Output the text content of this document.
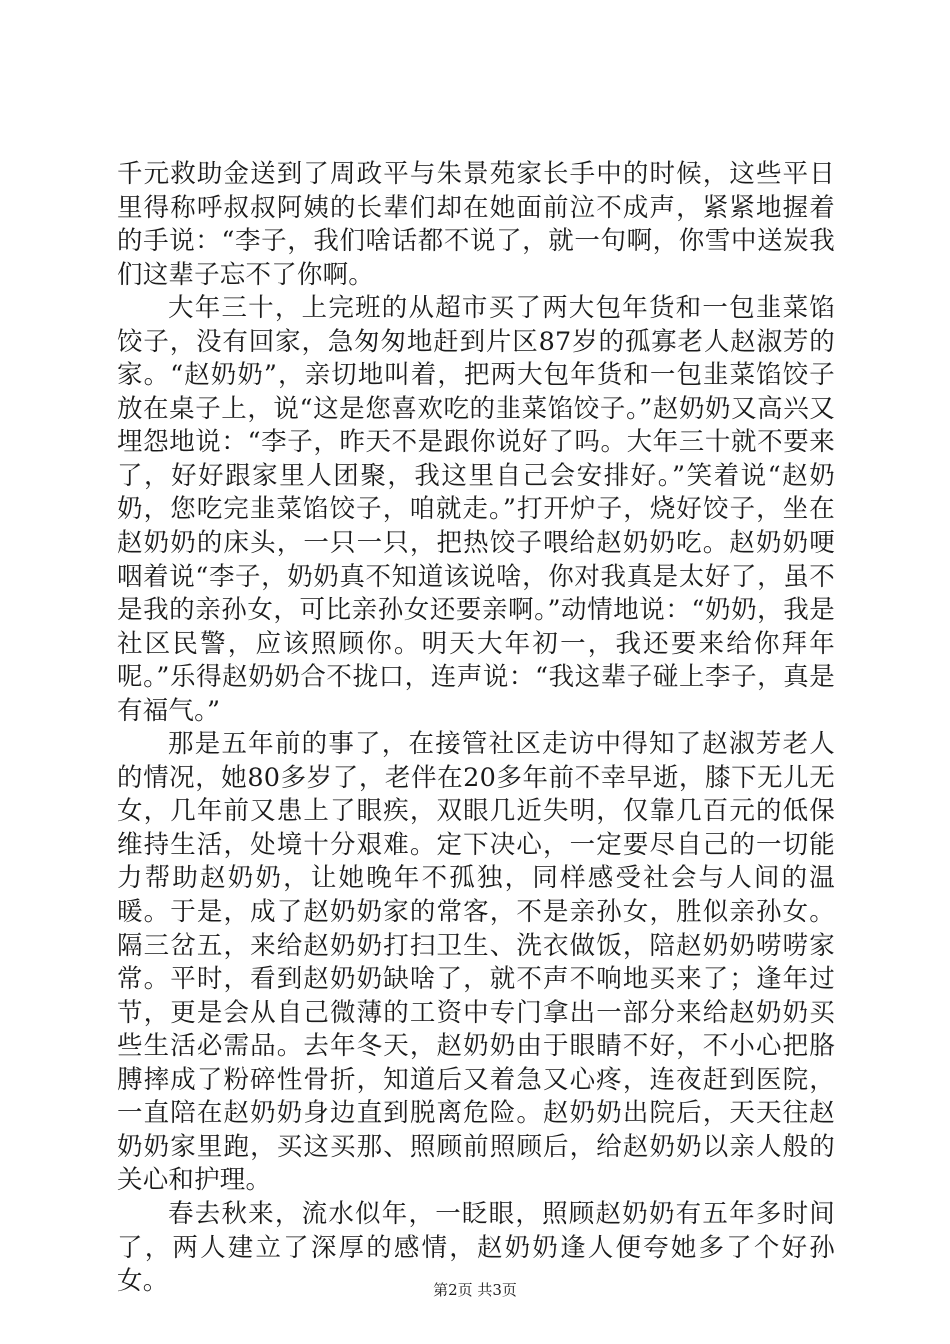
千元救助金送到了周政平与朱景苑家长手中的时候，这些平日里得称呼叔叔阿姨的长辈们却在她面前泣不成声，紧紧地握着的手说：“李子，我们啥话都不说了，就一句啊，你雪中送炭我们这辈子忘不了你啊。

大年三十，上完班的从超市买了两大包年货和一包韭菜馅饺子，没有回家，急匆匆地赶到片区87岁的孤寡老人赵淑芳的家。“赵奶奶”，亲切地叫着，把两大包年货和一包韭菜馅饺子放在桌子上，说“这是您喜欢吃的韭菜馅饺子。”赵奶奶又高兴又埋怨地说：“李子，昨天不是跟你说好了吗。大年三十就不要来了，好好跟家里人团聚，我这里自己会安排好。”笑着说“赵奶奶，您吃完韭菜馅饺子，咱就走。”打开炉子，烧好饺子，坐在赵奶奶的床头，一只一只，把热饺子喂给赵奶奶吃。赵奶奶哽咽着说“李子，奶奶真不知道该说啥，你对我真是太好了，虽不是我的亲孙女，可比亲孙女还要亲啊。”动情地说：“奶奶，我是社区民警，应该照顾你。明天大年初一，我还要来给你拜年呢。”乐得赵奶奶合不拢口，连声说：“我这辈子碰上李子，真是有福气。”

那是五年前的事了，在接管社区走访中得知了赵淑芳老人的情况，她80多岁了，老伴在20多年前不幸早逝，膝下无儿无女，几年前又患上了眼疾，双眼几近失明，仅靠几百元的低保维持生活，处境十分艰难。定下决心，一定要尽自己的一切能力帮助赵奶奶，让她晚年不孤独，同样感受社会与人间的温暖。于是，成了赵奶奶家的常客，不是亲孙女，胜似亲孙女。隔三岔五，来给赵奶奶打扫卫生、洗衣做饭，陪赵奶奶唠唠家常。平时，看到赵奶奶缺啥了，就不声不响地买来了；逢年过节，更是会从自己微薄的工资中专门拿出一部分来给赵奶奶买些生活必需品。去年冬天，赵奶奶由于眼睛不好，不小心把胳膊摔成了粉碎性骨折，知道后又着急又心疼，连夜赶到医院，一直陪在赵奶奶身边直到脱离危险。赵奶奶出院后，天天往赵奶奶家里跑，买这买那、照顾前照顾后，给赵奶奶以亲人般的关心和护理。

春去秋来，流水似年，一眨眼，照顾赵奶奶有五年多时间了，两人建立了深厚的感情，赵奶奶逢人便夸她多了个好孙女。	第2页 共3页
